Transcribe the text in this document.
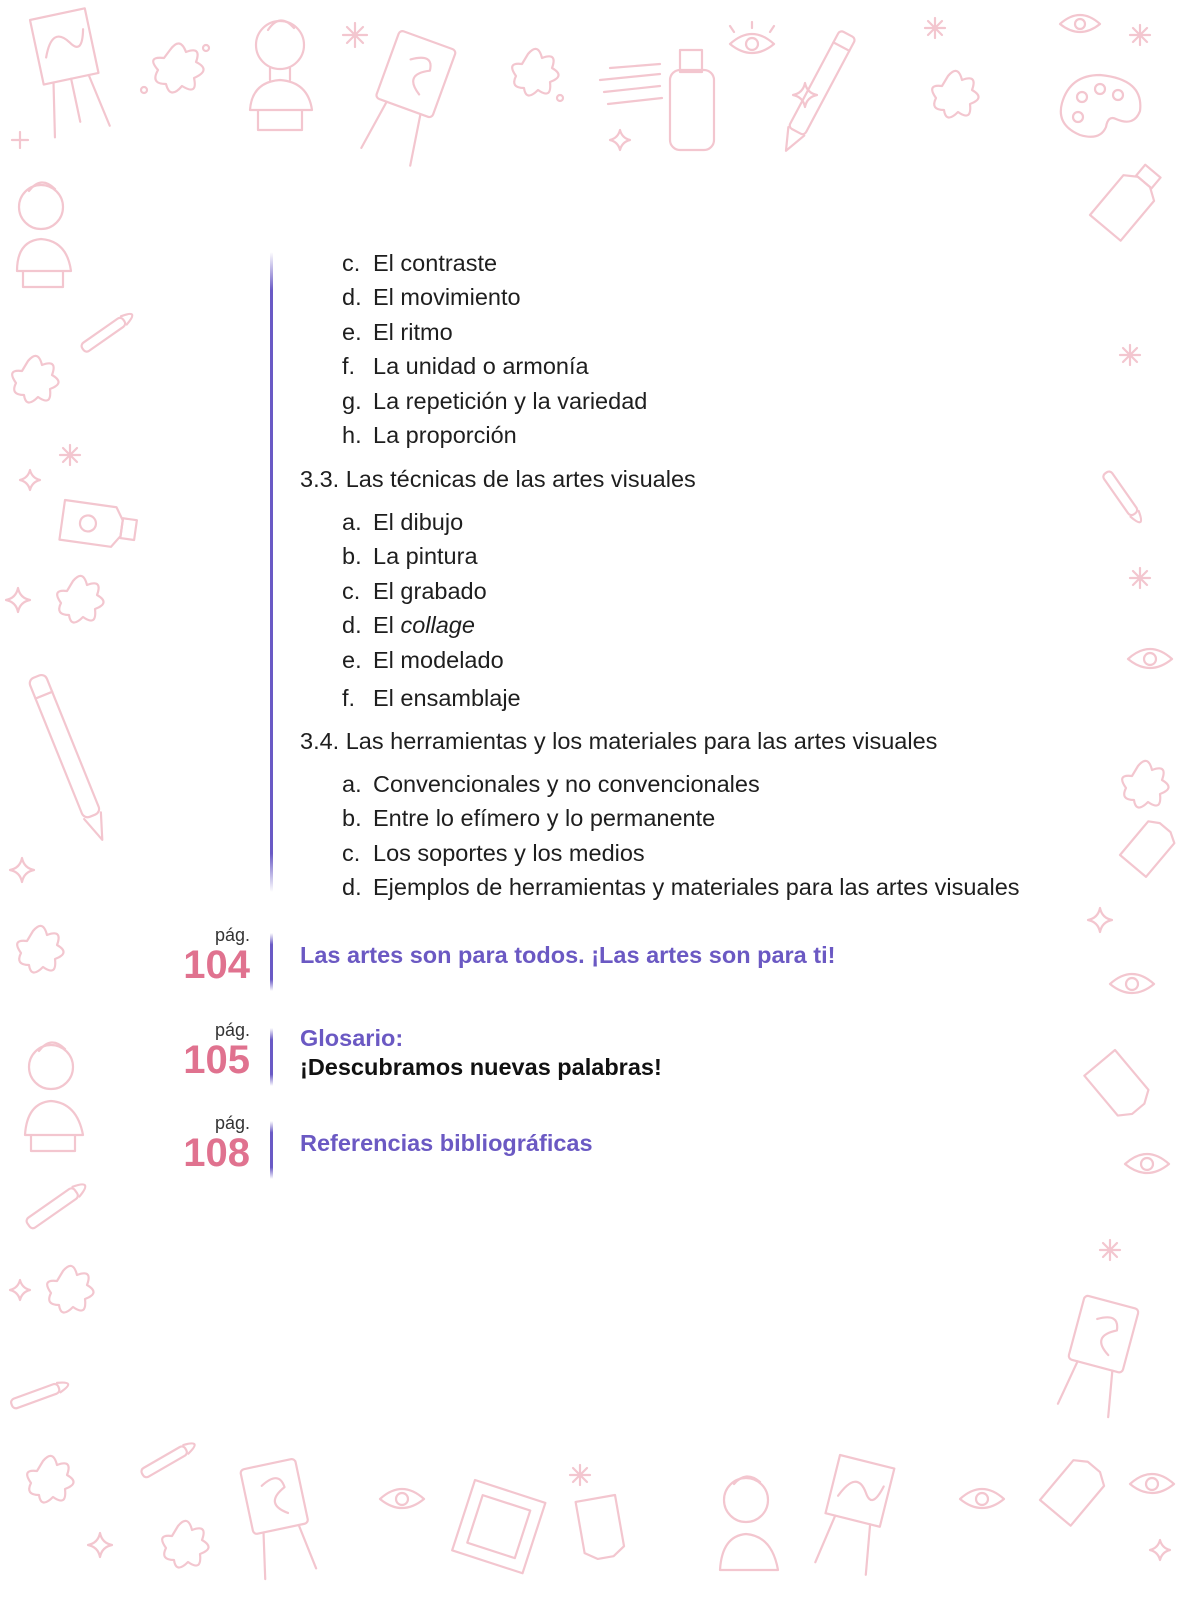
c. El contraste
d. El movimiento
e. El ritmo
f. La unidad o armonía
g. La repetición y la variedad
h. La proporción
3.3. Las técnicas de las artes visuales
a. El dibujo
b. La pintura
c. El grabado
d. El collage
e. El modelado
f. El ensamblaje
3.4. Las herramientas y los materiales para las artes visuales
a. Convencionales y no convencionales
b. Entre lo efímero y lo permanente
c. Los soportes y los medios
d. Ejemplos de herramientas y materiales para las artes visuales
pág.
104 Las artes son para todos. ¡Las artes son para ti!
pág.
105 Glosario:
¡Descubramos nuevas palabras!
pág.
108 Referencias bibliográficas
